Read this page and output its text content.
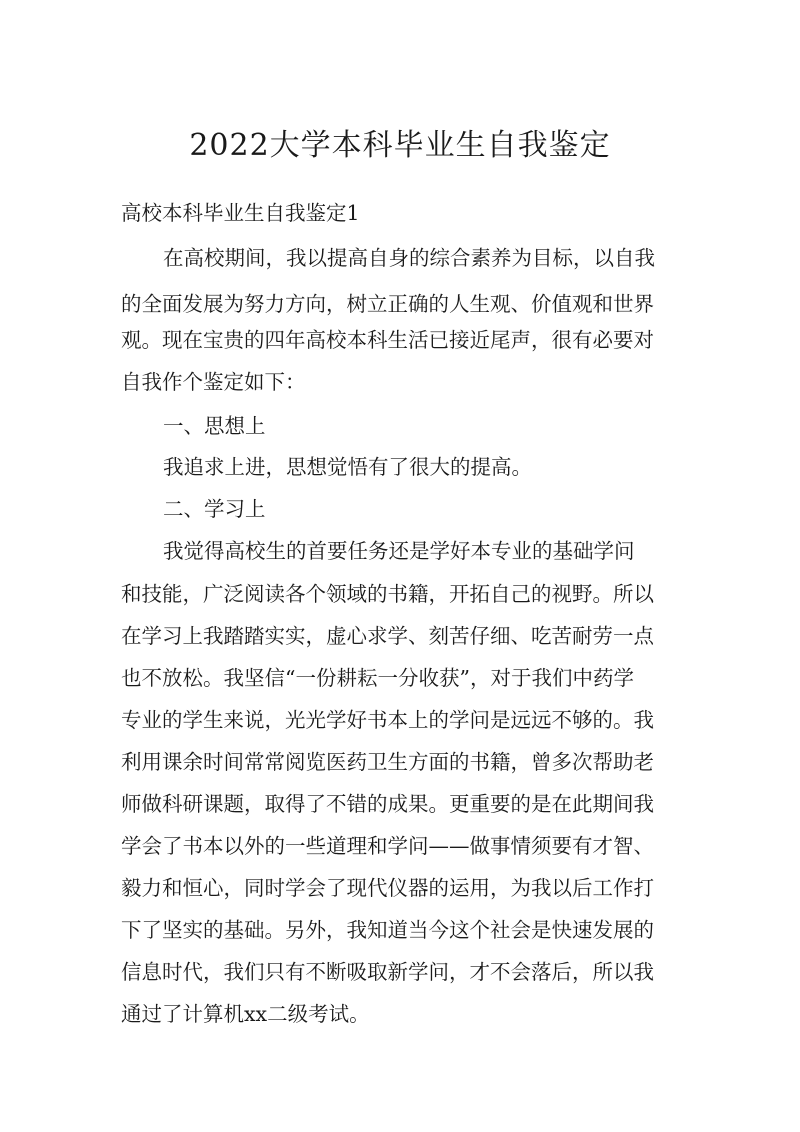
2022大学本科毕业生自我鉴定
高校本科毕业生自我鉴定1
在高校期间，我以提高自身的综合素养为目标，以自我
的全面发展为努力方向，树立正确的人生观、价值观和世界
观。现在宝贵的四年高校本科生活已接近尾声，很有必要对
自我作个鉴定如下：
一、思想上
我追求上进，思想觉悟有了很大的提高。
二、学习上
我觉得高校生的首要任务还是学好本专业的基础学问
和技能，广泛阅读各个领域的书籍，开拓自己的视野。所以
在学习上我踏踏实实，虚心求学、刻苦仔细、吃苦耐劳一点
也不放松。我坚信“一份耕耘一分收获”，对于我们中药学
专业的学生来说，光光学好书本上的学问是远远不够的。我
利用课余时间常常阅览医药卫生方面的书籍，曾多次帮助老
师做科研课题，取得了不错的成果。更重要的是在此期间我
学会了书本以外的一些道理和学问——做事情须要有才智、
毅力和恒心，同时学会了现代仪器的运用，为我以后工作打
下了坚实的基础。另外，我知道当今这个社会是快速发展的
信息时代，我们只有不断吸取新学问，才不会落后，所以我
通过了计算机xx二级考试。
